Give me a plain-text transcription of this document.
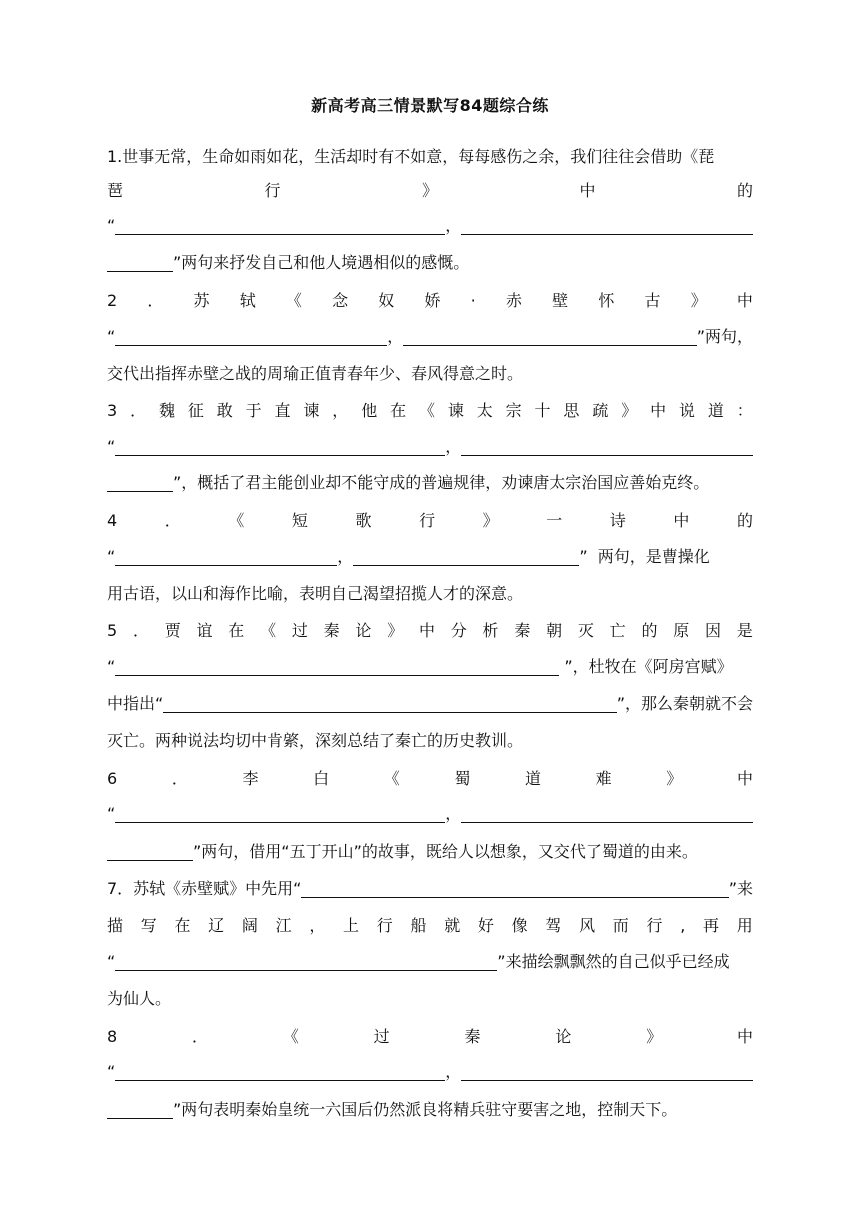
新高考高三情景默写84题综合练
1.世事无常，生命如雨如花，生活却时有不如意，每每感伤之余，我们往往会借助《琵
琶	行	》	中	的
“	，
”两句来抒发自己和他人境遇相似的感慨。
2 ． 苏 轼 《 念 奴 娇 · 赤 壁 怀 古 》 中
“	，	”两句，
交代出指挥赤壁之战的周瑜正值青春年少、春风得意之时。
3 ． 魏 征 敢 于 直 谏 ， 他 在 《 谏 太 宗 十 思 疏 》 中 说 道 ：
“	，
”，概括了君主能创业却不能守成的普遍规律，劝谏唐太宗治国应善始克终。
4	．	《	短	歌	行	》	一	诗	中	的
“	，	”  两句，是曹操化
用古语，以山和海作比喻，表明自己渴望招揽人才的深意。
5 ． 贾 谊 在 《 过 秦 论 》 中 分 析 秦 朝 灭 亡 的 原 因 是
“	”，杜牧在《阿房宫赋》
中指出“	”，那么秦朝就不会
灭亡。两种说法均切中肯綮，深刻总结了秦亡的历史教训。
6	．	李	白	《	蜀	道	难	》	中
“	，
”两句，借用“五丁开山”的故事，既给人以想象，又交代了蜀道的由来。
7．苏轼《赤壁赋》中先用“	”来
描 写 在 辽 阔 江 ， 上 行 船 就 好 像 驾 风 而 行 , 再 用
“	”来描绘飘飘然的自己似乎已经成
为仙人。
8	．	《	过	秦	论	》	中
“	，
”两句表明秦始皇统一六国后仍然派良将精兵驻守要害之地，控制天下。
